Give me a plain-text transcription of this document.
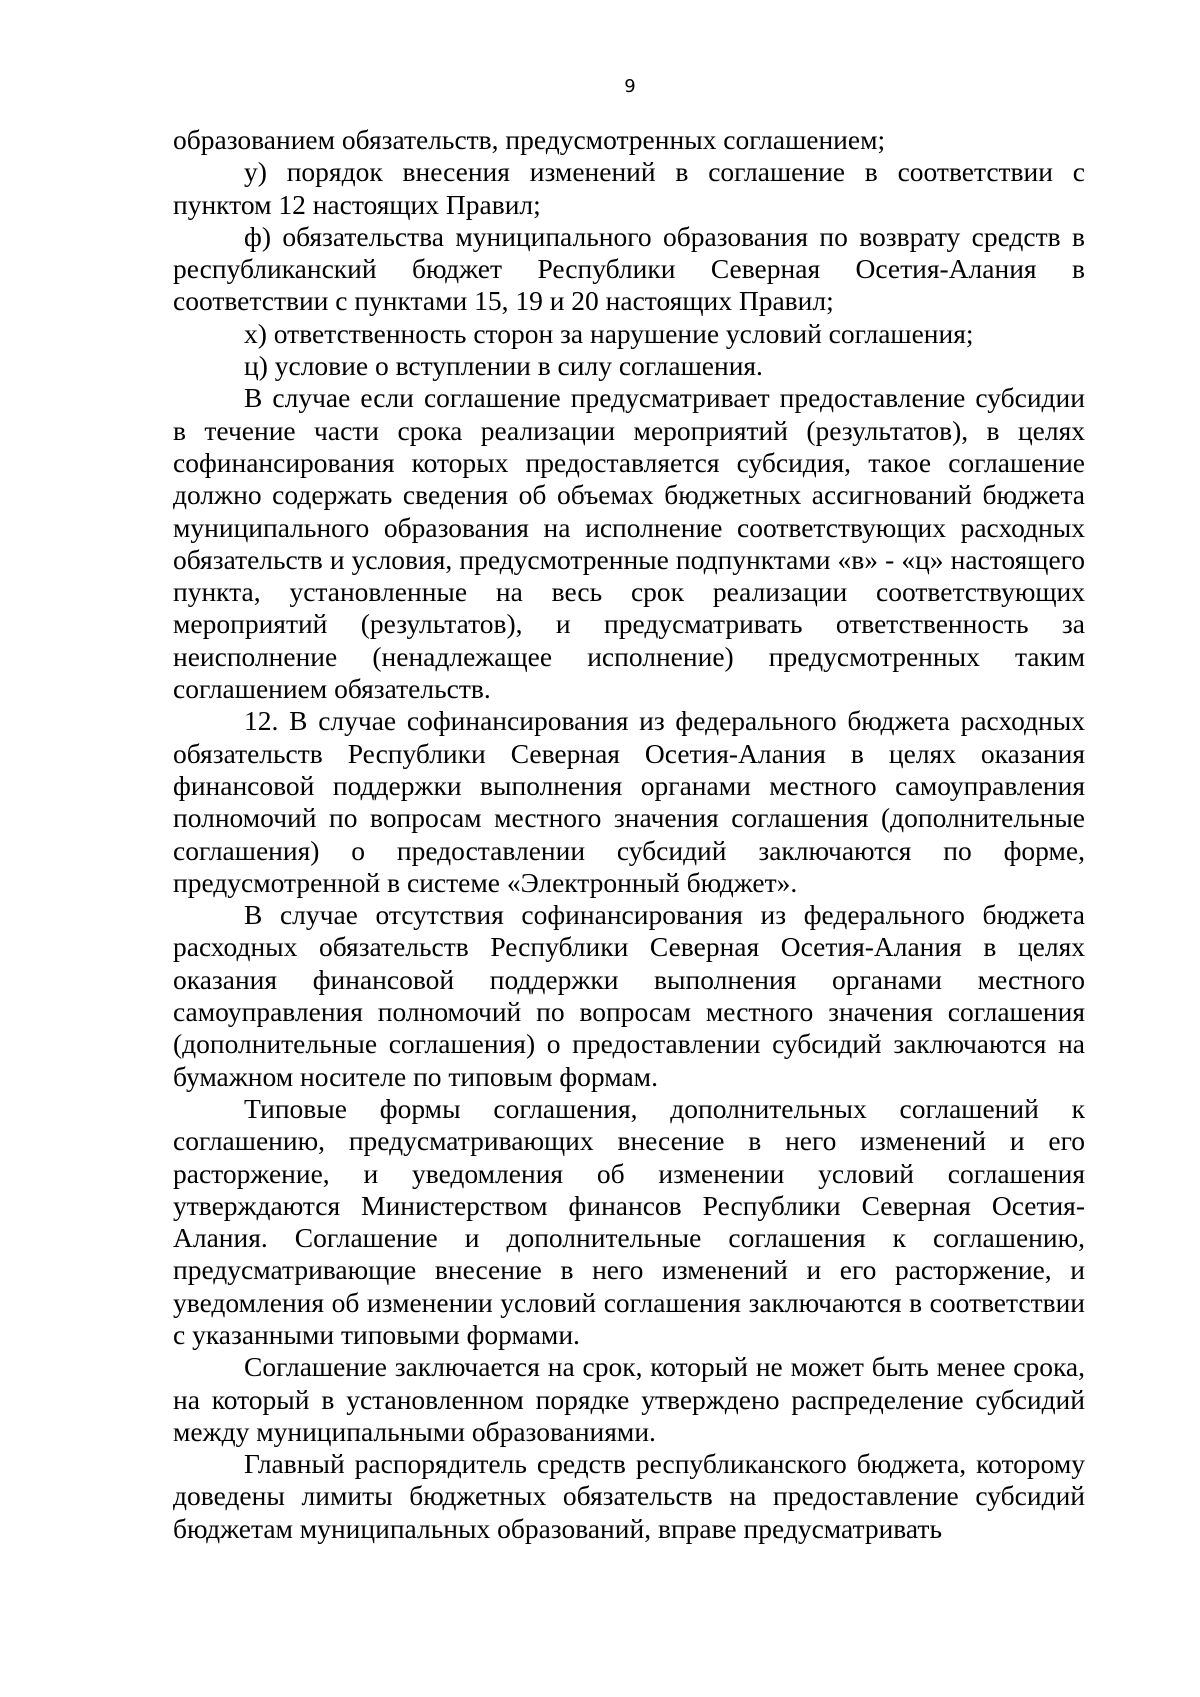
9

образованием обязательств, предусмотренных соглашением;

у) порядок внесения изменений в соглашение в соответствии с пунктом 12 настоящих Правил;

ф) обязательства муниципального образования по возврату средств в республиканский бюджет Республики Северная Осетия-Алания в соответствии с пунктами 15, 19 и 20 настоящих Правил;

х) ответственность сторон за нарушение условий соглашения;

ц) условие о вступлении в силу соглашения.

В случае если соглашение предусматривает предоставление субсидии в течение части срока реализации мероприятий (результатов), в целях софинансирования которых предоставляется субсидия, такое соглашение должно содержать сведения об объемах бюджетных ассигнований бюджета муниципального образования на исполнение соответствующих расходных обязательств и условия, предусмотренные подпунктами «в» - «ц» настоящего пункта, установленные на весь срок реализации соответствующих мероприятий (результатов), и предусматривать ответственность за неисполнение (ненадлежащее исполнение) предусмотренных таким соглашением обязательств.

12. В случае софинансирования из федерального бюджета расходных обязательств Республики Северная Осетия-Алания в целях оказания финансовой поддержки выполнения органами местного самоуправления полномочий по вопросам местного значения соглашения (дополнительные соглашения) о предоставлении субсидий заключаются по форме, предусмотренной в системе «Электронный бюджет».

В случае отсутствия софинансирования из федерального бюджета расходных обязательств Республики Северная Осетия-Алания в целях оказания финансовой поддержки выполнения органами местного самоуправления полномочий по вопросам местного значения соглашения (дополнительные соглашения) о предоставлении субсидий заключаются на бумажном носителе по типовым формам.

Типовые формы соглашения, дополнительных соглашений к соглашению, предусматривающих внесение в него изменений и его расторжение, и уведомления об изменении условий соглашения утверждаются Министерством финансов Республики Северная Осетия-Алания. Соглашение и дополнительные соглашения к соглашению, предусматривающие внесение в него изменений и его расторжение, и уведомления об изменении условий соглашения заключаются в соответствии с указанными типовыми формами.

Соглашение заключается на срок, который не может быть менее срока, на который в установленном порядке утверждено распределение субсидий между муниципальными образованиями.

Главный распорядитель средств республиканского бюджета, которому доведены лимиты бюджетных обязательств на предоставление субсидий бюджетам муниципальных образований, вправе предусматривать
